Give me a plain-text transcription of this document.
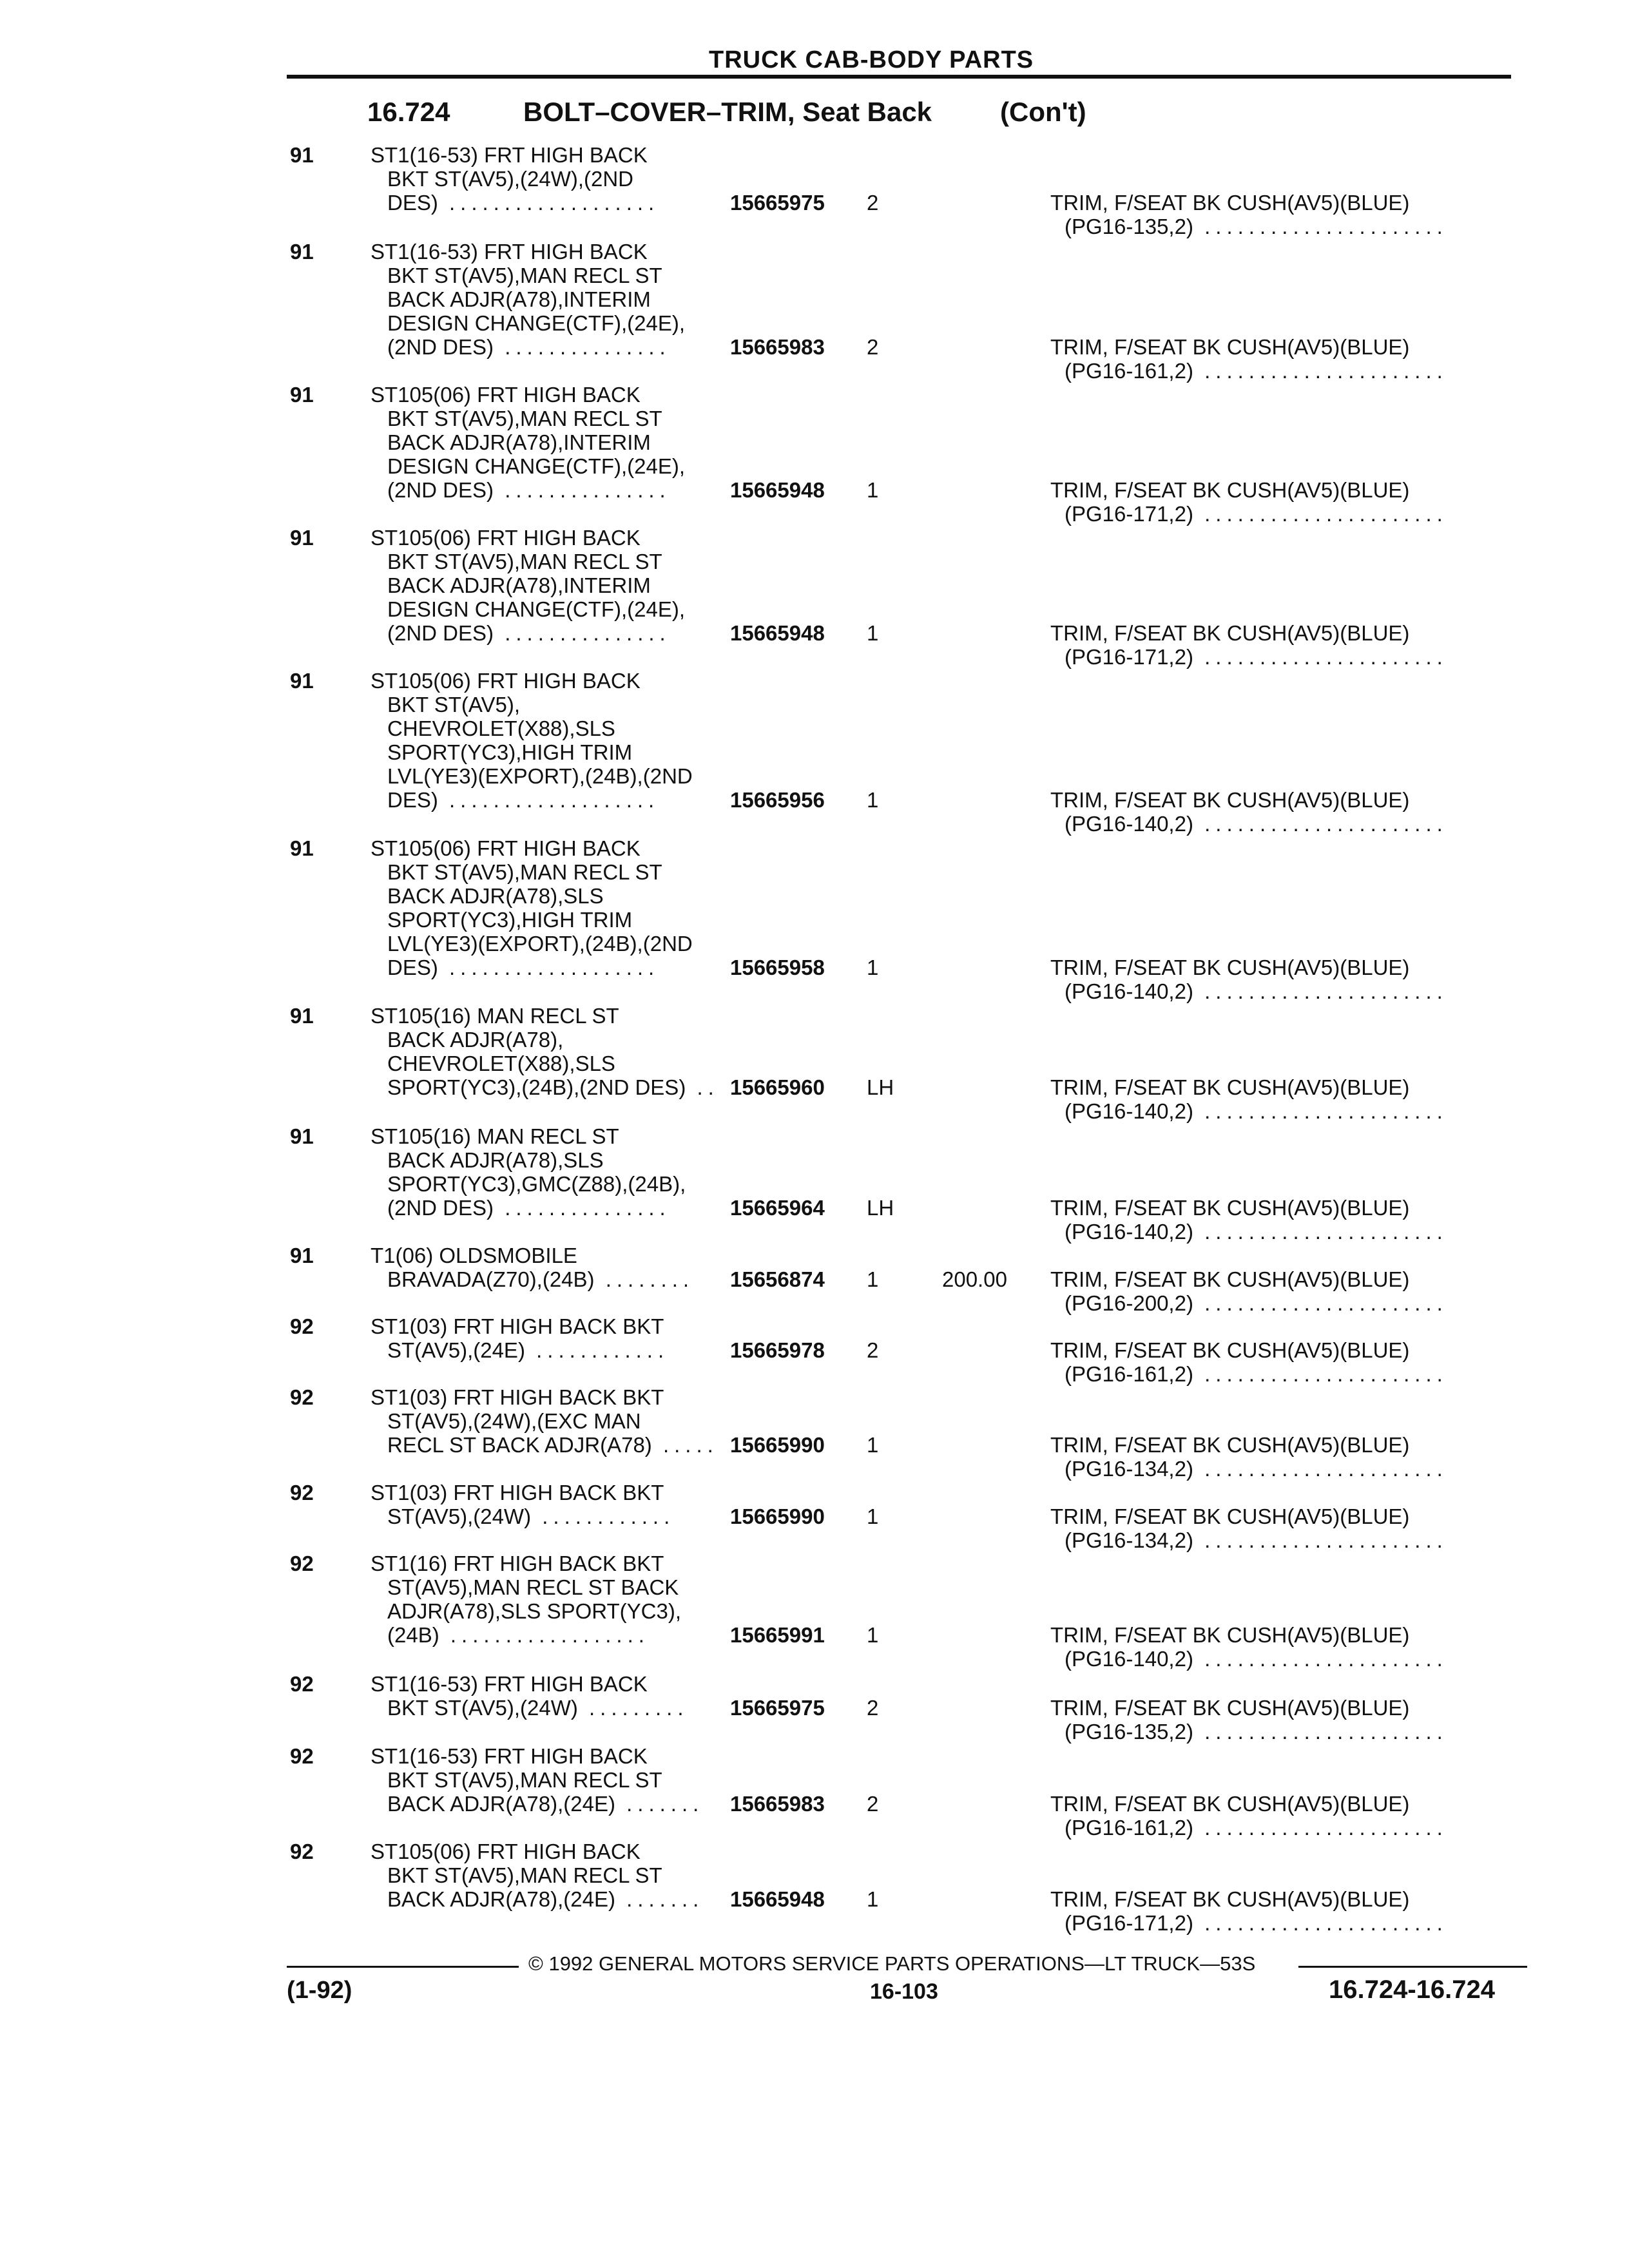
TRUCK CAB-BODY PARTS
16.724	BOLT–COVER–TRIM, Seat Back	(Con't)
91	ST1(16-53) FRT HIGH BACK
BKT ST(AV5),(24W),(2ND
DES) ...................	15665975 2	TRIM, F/SEAT BK CUSH(AV5)(BLUE)
(PG16-135,2) ......................
91	ST1(16-53) FRT HIGH BACK
BKT ST(AV5),MAN RECL ST
BACK ADJR(A78),INTERIM
DESIGN CHANGE(CTF),(24E),
(2ND DES) ...............	15665983 2	TRIM, F/SEAT BK CUSH(AV5)(BLUE)
(PG16-161,2) ......................
91	ST105(06) FRT HIGH BACK
BKT ST(AV5),MAN RECL ST
BACK ADJR(A78),INTERIM
DESIGN CHANGE(CTF),(24E),
(2ND DES) ...............	15665948 1	TRIM, F/SEAT BK CUSH(AV5)(BLUE)
(PG16-171,2) ......................
91	ST105(06) FRT HIGH BACK
BKT ST(AV5),MAN RECL ST
BACK ADJR(A78),INTERIM
DESIGN CHANGE(CTF),(24E),
(2ND DES) ...............	15665948 1	TRIM, F/SEAT BK CUSH(AV5)(BLUE)
(PG16-171,2) ......................
91	ST105(06) FRT HIGH BACK
BKT ST(AV5),
CHEVROLET(X88),SLS
SPORT(YC3),HIGH TRIM
LVL(YE3)(EXPORT),(24B),(2ND
DES) ...................	15665956 1	TRIM, F/SEAT BK CUSH(AV5)(BLUE)
(PG16-140,2) ......................
91	ST105(06) FRT HIGH BACK
BKT ST(AV5),MAN RECL ST
BACK ADJR(A78),SLS
SPORT(YC3),HIGH TRIM
LVL(YE3)(EXPORT),(24B),(2ND
DES) ...................	15665958 1	TRIM, F/SEAT BK CUSH(AV5)(BLUE)
(PG16-140,2) ......................
91	ST105(16) MAN RECL ST
BACK ADJR(A78),
CHEVROLET(X88),SLS
SPORT(YC3),(24B),(2ND DES) .. 15665960 LH	TRIM, F/SEAT BK CUSH(AV5)(BLUE)
(PG16-140,2) ......................
91	ST105(16) MAN RECL ST
BACK ADJR(A78),SLS
SPORT(YC3),GMC(Z88),(24B),
(2ND DES) ...............	15665964 LH	TRIM, F/SEAT BK CUSH(AV5)(BLUE)
(PG16-140,2) ......................
91	T1(06) OLDSMOBILE
BRAVADA(Z70),(24B) ........	15656874 1	200.00 TRIM, F/SEAT BK CUSH(AV5)(BLUE)
(PG16-200,2) ......................
92	ST1(03) FRT HIGH BACK BKT
ST(AV5),(24E) ............	15665978 2	TRIM, F/SEAT BK CUSH(AV5)(BLUE)
(PG16-161,2) ......................
92	ST1(03) FRT HIGH BACK BKT
ST(AV5),(24W),(EXC MAN
RECL ST BACK ADJR(A78) ..... 15665990 1	TRIM, F/SEAT BK CUSH(AV5)(BLUE)
(PG16-134,2) ......................
92	ST1(03) FRT HIGH BACK BKT
ST(AV5),(24W) ............	15665990 1	TRIM, F/SEAT BK CUSH(AV5)(BLUE)
(PG16-134,2) ......................
92	ST1(16) FRT HIGH BACK BKT
ST(AV5),MAN RECL ST BACK
ADJR(A78),SLS SPORT(YC3),
(24B) ..................	15665991 1	TRIM, F/SEAT BK CUSH(AV5)(BLUE)
(PG16-140,2) ......................
92	ST1(16-53) FRT HIGH BACK
BKT ST(AV5),(24W) .........	15665975 2	TRIM, F/SEAT BK CUSH(AV5)(BLUE)
(PG16-135,2) ......................
92	ST1(16-53) FRT HIGH BACK
BKT ST(AV5),MAN RECL ST
BACK ADJR(A78),(24E) .......	15665983 2	TRIM, F/SEAT BK CUSH(AV5)(BLUE)
(PG16-161,2) ......................
92	ST105(06) FRT HIGH BACK
BKT ST(AV5),MAN RECL ST
BACK ADJR(A78),(24E) .......	15665948 1	TRIM, F/SEAT BK CUSH(AV5)(BLUE)
(PG16-171,2) ......................
© 1992 GENERAL MOTORS SERVICE PARTS OPERATIONS—LT TRUCK—53S
(1-92)	16-103	16.724-16.724
